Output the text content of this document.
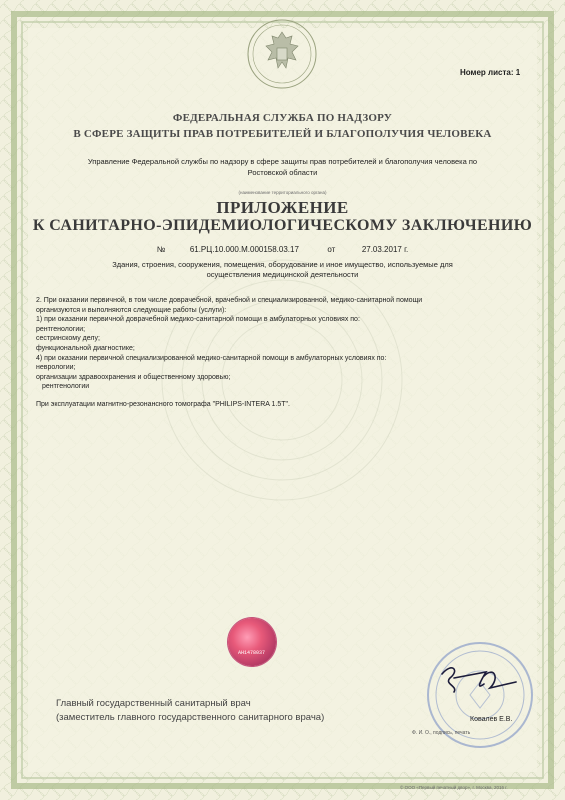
Номер листа: 1
ФЕДЕРАЛЬНАЯ СЛУЖБА ПО НАДЗОРУ
В СФЕРЕ ЗАЩИТЫ ПРАВ ПОТРЕБИТЕЛЕЙ И БЛАГОПОЛУЧИЯ ЧЕЛОВЕКА
Управление Федеральной службы по надзору в сфере защиты прав потребителей и благополучия человека по
Ростовской области
(наименование территориального органа)
ПРИЛОЖЕНИЕ
К САНИТАРНО-ЭПИДЕМИОЛОГИЧЕСКОМУ ЗАКЛЮЧЕНИЮ
№	61.РЦ.10.000.М.000158.03.17	от	27.03.2017 г.
Здания, строения, сооружения, помещения, оборудование и иное имущество, используемые для
осуществления медицинской деятельности
2. При оказании первичной, в том числе доврачебной, врачебной и специализированной, медико-санитарной помощи
организуются и выполняются следующие работы (услуги):
1) при оказании первичной доврачебной медико-санитарной помощи в амбулаторных условиях по:
рентгенологии;
сестринскому делу;
функциональной диагностике;
4) при оказании первичной специализированной медико-санитарной помощи в амбулаторных условиях по:
неврологии;
организации здравоохранения и общественному здоровью;
рентгенологии
При эксплуатации магнитно-резонансного томографа "PHILIPS-INTERA 1.5T".
АН1478037
Главный государственный санитарный врач
(заместитель главного государственного санитарного врача)	Ковалев Е.В.
Ф. И. О., подпись, печать
© ООО «Первый печатный двор», г. Москва, 2016 г.
